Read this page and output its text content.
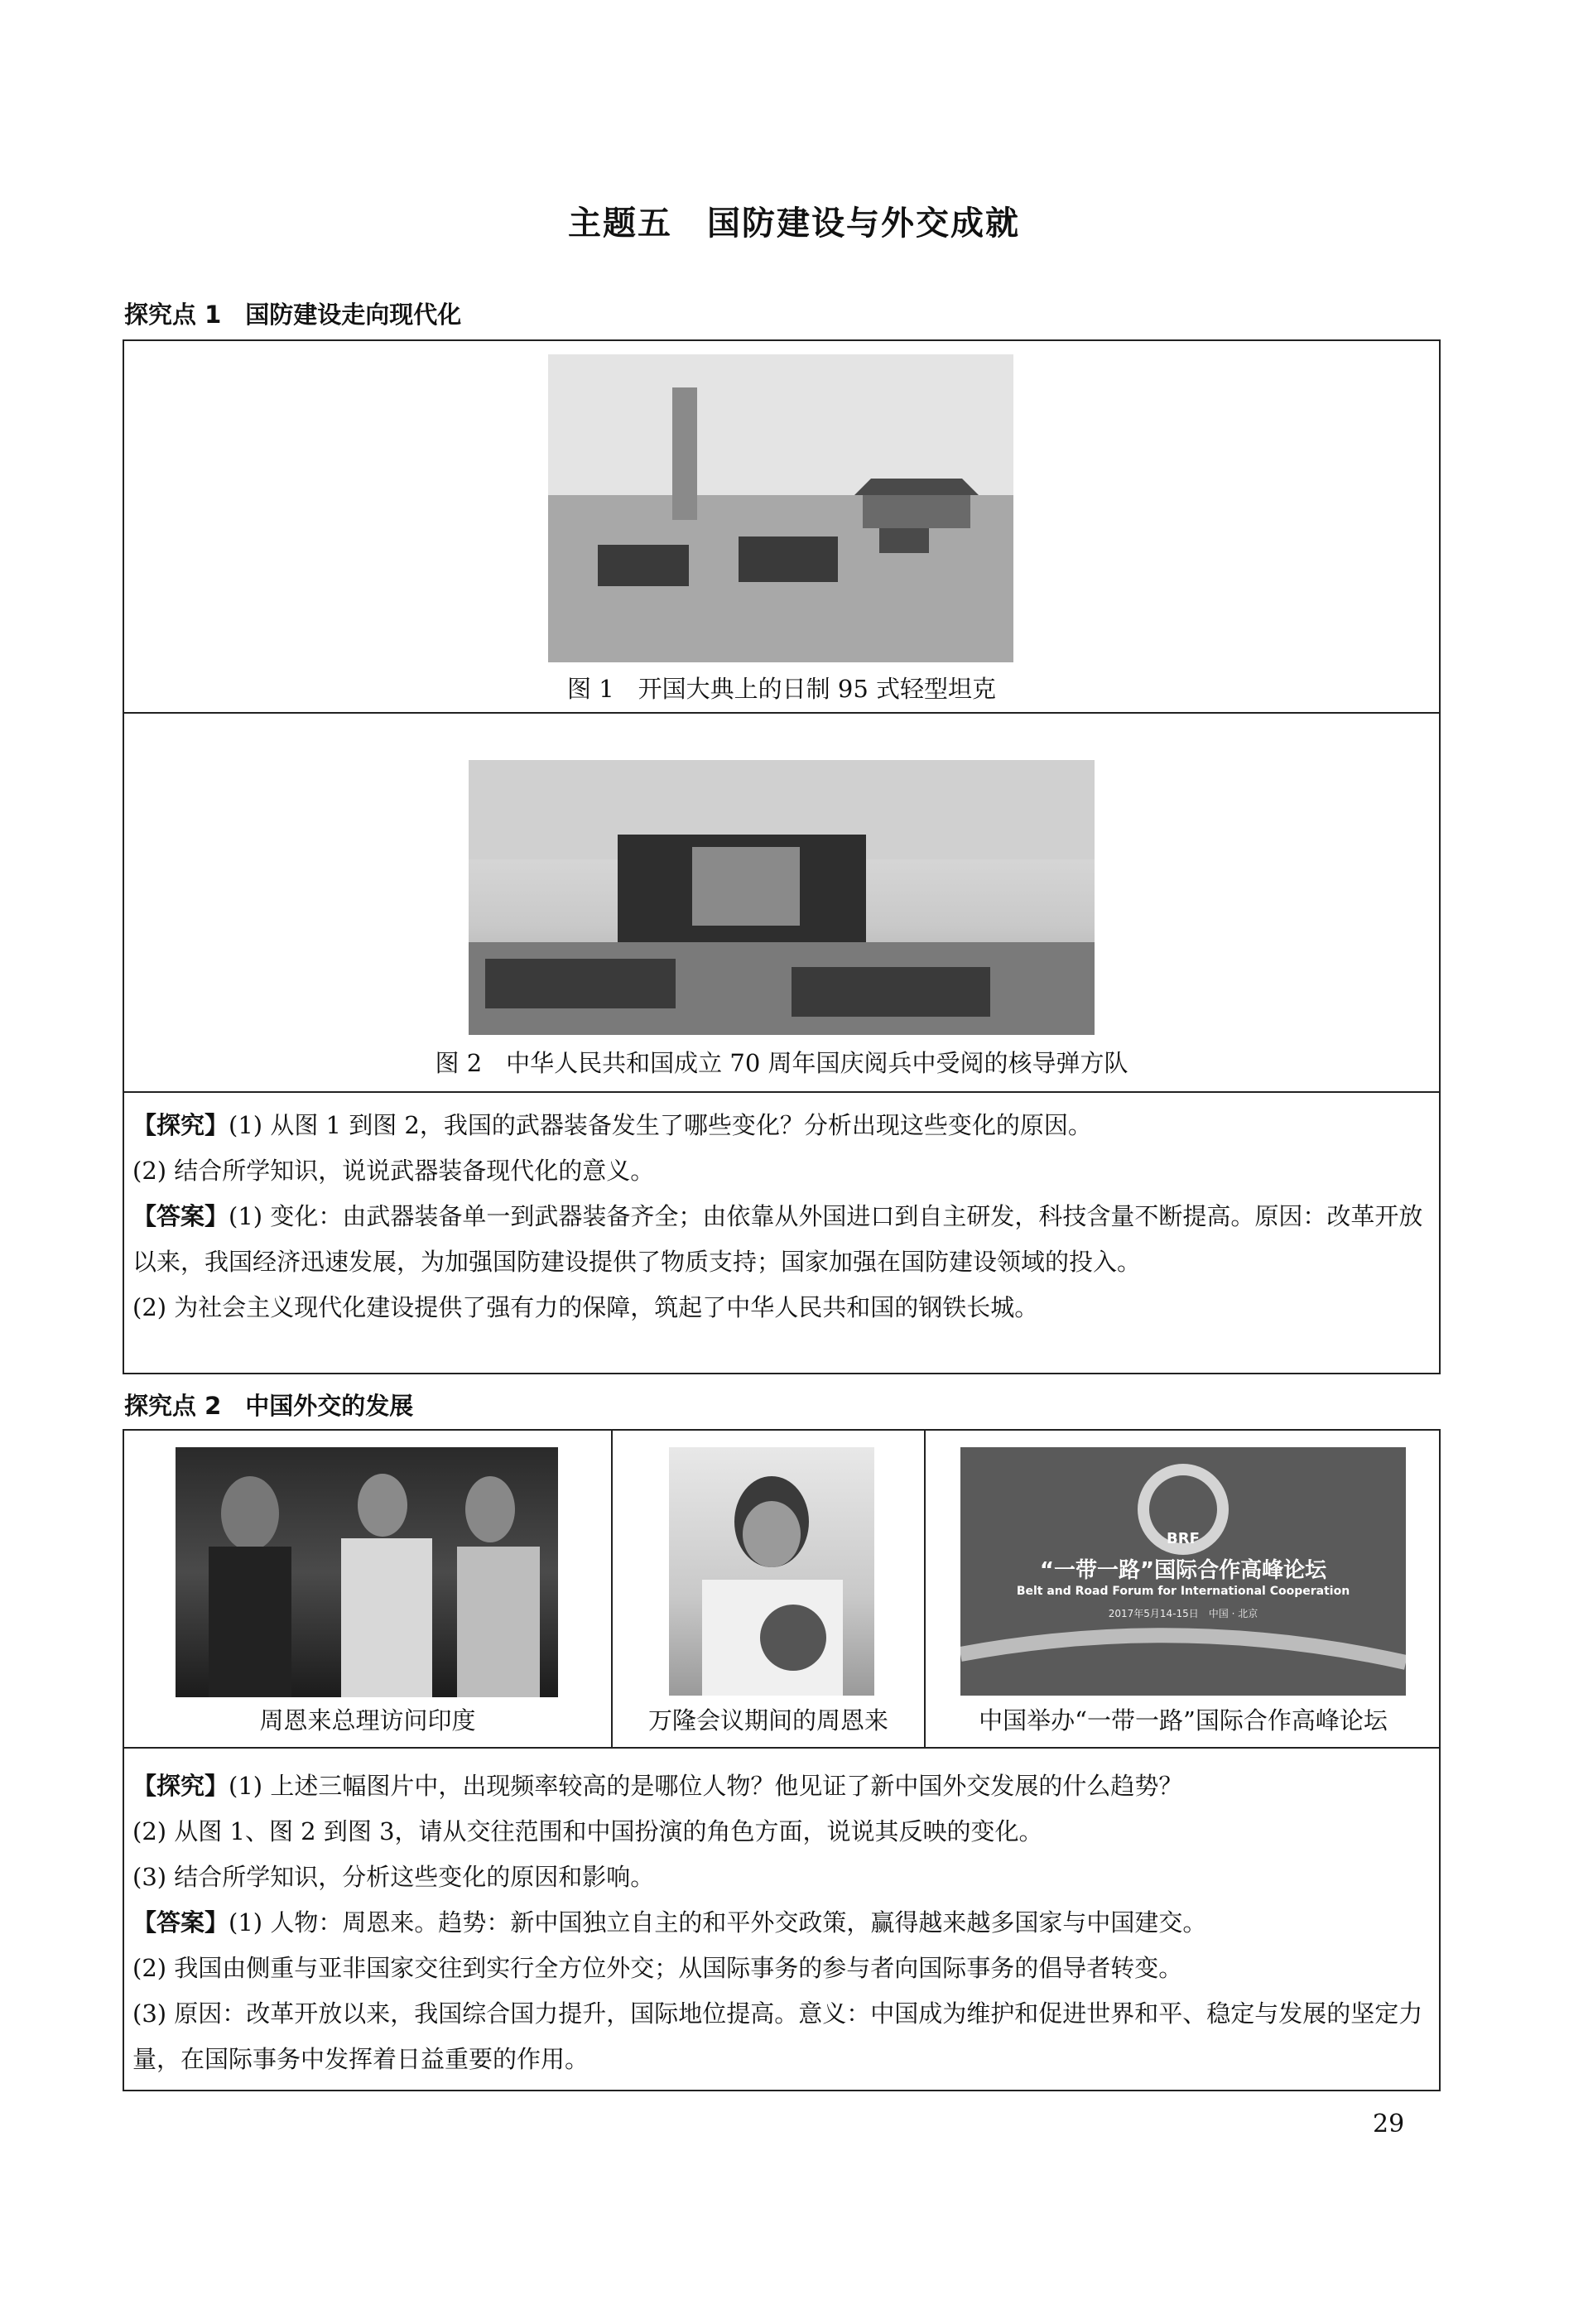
主题五　国防建设与外交成就
探究点 1　国防建设走向现代化
图 1　开国大典上的日制 95 式轻型坦克
图 2　中华人民共和国成立 70 周年国庆阅兵中受阅的核导弹方队

【探究】(1) 从图 1 到图 2，我国的武器装备发生了哪些变化？分析出现这些变化的原因。

(2) 结合所学知识，说说武器装备现代化的意义。

【答案】(1) 变化：由武器装备单一到武器装备齐全；由依靠从外国进口到自主研发，科技含量不断提高。原因：改革开放以来，我国经济迅速发展，为加强国防建设提供了物质支持；国家加强在国防建设领域的投入。

(2) 为社会主义现代化建设提供了强有力的保障，筑起了中华人民共和国的钢铁长城。

探究点 2　中国外交的发展
周恩来总理访问印度	万隆会议期间的周恩来
BRF
“一带一路”国际合作高峰论坛
Belt and Road Forum for International Cooperation
2017年5月14-15日　中国 · 北京
中国举办“一带一路”国际合作高峰论坛

【探究】(1) 上述三幅图片中，出现频率较高的是哪位人物？他见证了新中国外交发展的什么趋势？

(2) 从图 1、图 2 到图 3，请从交往范围和中国扮演的角色方面，说说其反映的变化。

(3) 结合所学知识，分析这些变化的原因和影响。

【答案】(1) 人物：周恩来。趋势：新中国独立自主的和平外交政策，赢得越来越多国家与中国建交。

(2) 我国由侧重与亚非国家交往到实行全方位外交；从国际事务的参与者向国际事务的倡导者转变。

(3) 原因：改革开放以来，我国综合国力提升，国际地位提高。意义：中国成为维护和促进世界和平、稳定与发展的坚定力量，在国际事务中发挥着日益重要的作用。

29
